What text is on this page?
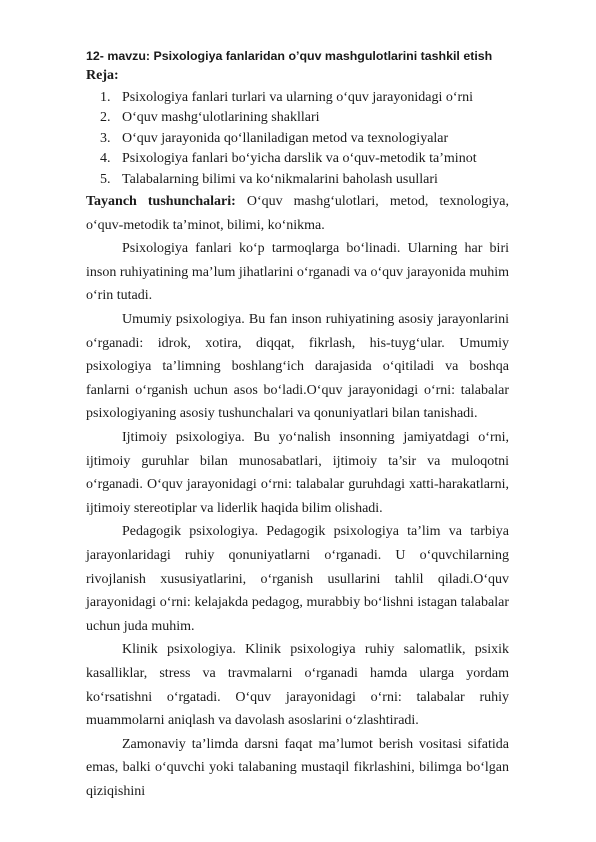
12- mavzu: Psixologiya fanlaridan o’quv mashgulotlarini tashkil etish
Reja:
1. Psixologiya fanlari turlari va ularning o‘quv jarayonidagi o‘rni
2. O‘quv mashg‘ulotlarining shakllari
3. O‘quv jarayonida qo‘llaniladigan metod va texnologiyalar
4. Psixologiya fanlari bo‘yicha darslik va o‘quv-metodik ta’minot
5. Talabalarning bilimi va ko‘nikmalarini baholash usullari

Tayanch tushunchalari: O‘quv mashg‘ulotlari, metod, texnologiya, o‘quv-metodik ta’minot, bilimi, ko‘nikma.

Psixologiya fanlari ko‘p tarmoqlarga bo‘linadi. Ularning har biri inson ruhiyatining ma’lum jihatlarini o‘rganadi va o‘quv jarayonida muhim o‘rin tutadi.

Umumiy psixologiya. Bu fan inson ruhiyatining asosiy jarayonlarini o‘rganadi: idrok, xotira, diqqat, fikrlash, his-tuyg‘ular. Umumiy psixologiya ta’limning boshlang‘ich darajasida o‘qitiladi va boshqa fanlarni o‘rganish uchun asos bo‘ladi.O‘quv jarayonidagi o‘rni: talabalar psixologiyaning asosiy tushunchalari va qonuniyatlari bilan tanishadi.

Ijtimoiy psixologiya. Bu yo‘nalish insonning jamiyatdagi o‘rni, ijtimoiy guruhlar bilan munosabatlari, ijtimoiy ta’sir va muloqotni o‘rganadi. O‘quv jarayonidagi o‘rni: talabalar guruhdagi xatti-harakatlarni, ijtimoiy stereotiplar va liderlik haqida bilim olishadi.

Pedagogik psixologiya. Pedagogik psixologiya ta’lim va tarbiya jarayonlaridagi ruhiy qonuniyatlarni o‘rganadi. U o‘quvchilarning rivojlanish xususiyatlarini, o‘rganish usullarini tahlil qiladi.O‘quv jarayonidagi o‘rni: kelajakda pedagog, murabbiy bo‘lishni istagan talabalar uchun juda muhim.

Klinik psixologiya. Klinik psixologiya ruhiy salomatlik, psixik kasalliklar, stress va travmalarni o‘rganadi hamda ularga yordam ko‘rsatishni o‘rgatadi. O‘quv jarayonidagi o‘rni: talabalar ruhiy muammolarni aniqlash va davolash asoslarini o‘zlashtiradi.

Zamonaviy ta’limda darsni faqat ma’lumot berish vositasi sifatida emas, balki o‘quvchi yoki talabaning mustaqil fikrlashini, bilimga bo‘lgan qiziqishini
